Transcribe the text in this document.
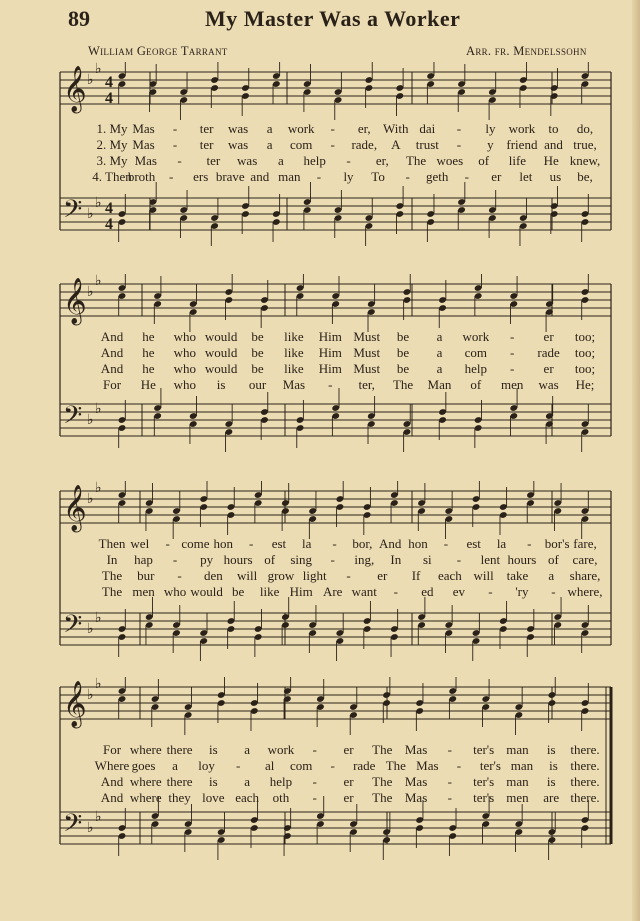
89	My Master Was a Worker
William George Tarrant	Arr. fr. Mendelssohn
𝄞 ♭
♭
4
4
𝄢 ♭
♭ 4
4
𝄞 ♭
♭
𝄢 ♭
♭
𝄞 ♭
♭
𝄢 ♭
♭
𝄞 ♭
♭
𝄢 ♭
♭
1. My Mas - ter was a work - er, With dai - ly work to do,
2. My Mas - ter was a com - rade, A trust - y friend and true,
3. My Mas - ter was a help - er, The woes of life He knew,
4. Then
broth - ers brave and man - ly To - geth - er let us be,
And he who would be like Him Must be a work - er too;
And he who would be like Him Must be a com - rade too;
And he who would be like Him Must be a help - er too;
For He who is our Mas - ter, The Man of men was He;
Then wel - come hon - est la - bor, And hon - est la - bor's fare,
In hap - py hours of sing - ing, In si - lent hours of care,
The bur - den will grow light - er If each will take a share,
The men who would be like Him Are want - ed ev - 'ry - where,
For where there is a work - er The Mas - ter's man is there.
Where goes a loy - al com - rade The Mas - ter's man is there.
And where there is a help - er The Mas - ter's man is there.
And where they love each oth - er The Mas - ter's men are there.
